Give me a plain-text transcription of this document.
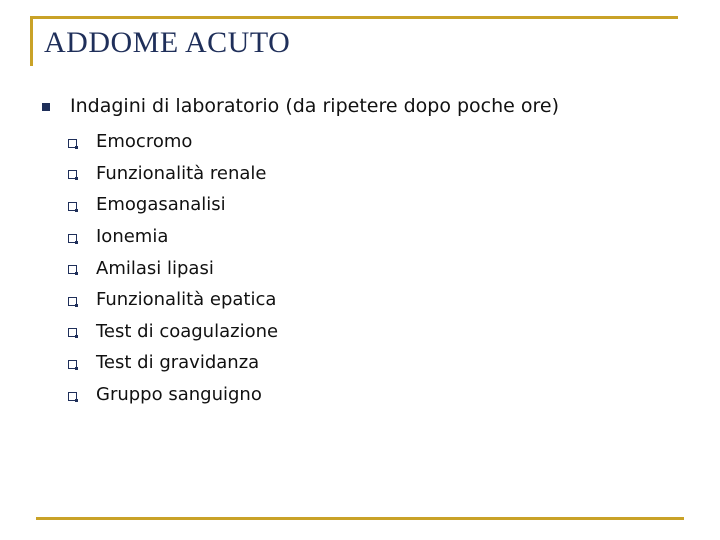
ADDOME ACUTO
Indagini di laboratorio (da ripetere dopo poche ore)
Emocromo
Funzionalità renale
Emogasanalisi
Ionemia
Amilasi lipasi
Funzionalità epatica
Test di coagulazione
Test di gravidanza
Gruppo sanguigno
